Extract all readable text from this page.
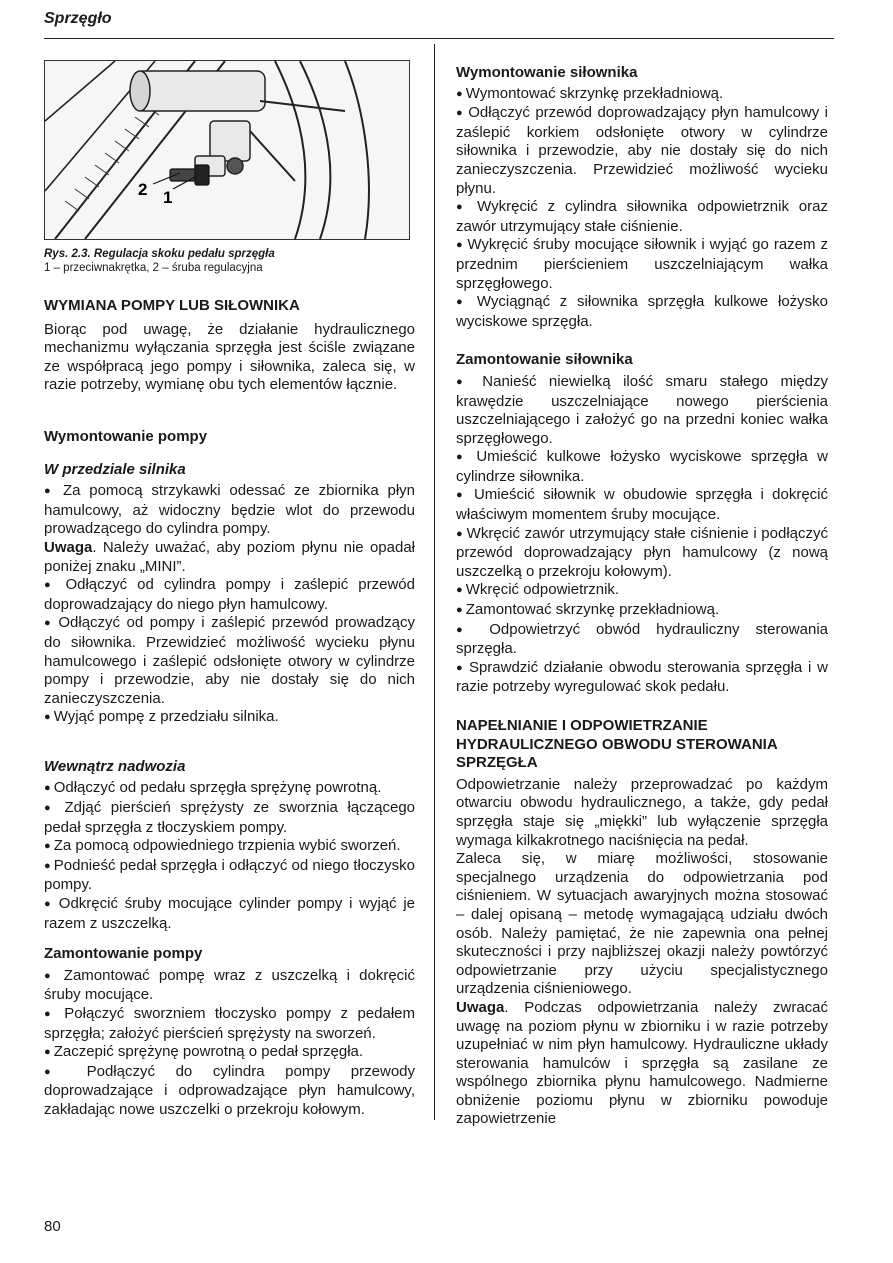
Sprzęgło
2 1
Rys. 2.3. Regulacja skoku pedału sprzęgła
1 – przeciwnakrętka, 2 – śruba regulacyjna
WYMIANA POMPY LUB SIŁOWNIKA

Biorąc pod uwagę, że działanie hydraulicznego mechanizmu wyłączania sprzęgła jest ściśle związane ze współpracą jego pompy i siłownika, zaleca się, w razie potrzeby, wymianę obu tych elementów łącznie.

Wymontowanie pompy
W przedziale silnika

● Za pomocą strzykawki odessać ze zbiornika płyn hamulcowy, aż widoczny będzie wlot do przewodu prowadzącego do cylindra pompy.

Uwaga. Należy uważać, aby poziom płynu nie opadał poniżej znaku „MINI”.

● Odłączyć od cylindra pompy i zaślepić przewód doprowadzający do niego płyn hamulcowy.

● Odłączyć od pompy i zaślepić przewód prowadzący do siłownika. Przewidzieć możliwość wycieku płynu hamulcowego i zaślepić odsłonięte otwory w cylindrze pompy i przewodzie, aby nie dostały się do nich zanieczyszczenia.

● Wyjąć pompę z przedziału silnika.

Wewnątrz nadwozia

● Odłączyć od pedału sprzęgła sprężynę powrotną.

● Zdjąć pierścień sprężysty ze sworznia łączącego pedał sprzęgła z tłoczyskiem pompy.

● Za pomocą odpowiedniego trzpienia wybić sworzeń.

● Podnieść pedał sprzęgła i odłączyć od niego tłoczysko pompy.

● Odkręcić śruby mocujące cylinder pompy i wyjąć je razem z uszczelką.

Zamontowanie pompy

● Zamontować pompę wraz z uszczelką i dokręcić śruby mocujące.

● Połączyć sworzniem tłoczysko pompy z pedałem sprzęgła; założyć pierścień sprężysty na sworzeń.

● Zaczepić sprężynę powrotną o pedał sprzęgła.

● Podłączyć do cylindra pompy przewody doprowadzające i odprowadzające płyn hamulcowy, zakładając nowe uszczelki o przekroju kołowym.

Wymontowanie siłownika

● Wymontować skrzynkę przekładniową.

● Odłączyć przewód doprowadzający płyn hamulcowy i zaślepić korkiem odsłonięte otwory w cylindrze siłownika i przewodzie, aby nie dostały się do nich zanieczyszczenia. Przewidzieć możliwość wycieku płynu.

● Wykręcić z cylindra siłownika odpowietrznik oraz zawór utrzymujący stałe ciśnienie.

● Wykręcić śruby mocujące siłownik i wyjąć go razem z przednim pierścieniem uszczelniającym wałka sprzęgłowego.

● Wyciągnąć z siłownika sprzęgła kulkowe łożysko wyciskowe sprzęgła.

Zamontowanie siłownika

● Nanieść niewielką ilość smaru stałego między krawędzie uszczelniające nowego pierścienia uszczelniającego i założyć go na przedni koniec wałka sprzęgłowego.

● Umieścić kulkowe łożysko wyciskowe sprzęgła w cylindrze siłownika.

● Umieścić siłownik w obudowie sprzęgła i dokręcić właściwym momentem śruby mocujące.

● Wkręcić zawór utrzymujący stałe ciśnienie i podłączyć przewód doprowadzający płyn hamulcowy (z nową uszczelką o przekroju kołowym).

● Wkręcić odpowietrznik.

● Zamontować skrzynkę przekładniową.

● Odpowietrzyć obwód hydrauliczny sterowania sprzęgła.

● Sprawdzić działanie obwodu sterowania sprzęgła i w razie potrzeby wyregulować skok pedału.

NAPEŁNIANIE I ODPOWIETRZANIE
HYDRAULICZNEGO OBWODU STEROWANIA
SPRZĘGŁA

Odpowietrzanie należy przeprowadzać po każdym otwarciu obwodu hydraulicznego, a także, gdy pedał sprzęgła staje się „miękki” lub wyłączenie sprzęgła wymaga kilkakrotnego naciśnięcia na pedał.

Zaleca się, w miarę możliwości, stosowanie specjalnego urządzenia do odpowietrzania pod ciśnieniem. W sytuacjach awaryjnych można stosować – dalej opisaną – metodę wymagającą udziału dwóch osób. Należy pamiętać, że nie zapewnia ona pełnej skuteczności i przy najbliższej okazji należy powtórzyć odpowietrzanie przy użyciu specjalistycznego urządzenia ciśnieniowego.

Uwaga. Podczas odpowietrzania należy zwracać uwagę na poziom płynu w zbiorniku i w razie potrzeby uzupełniać w nim płyn hamulcowy. Hydrauliczne układy sterowania hamulców i sprzęgła są zasilane ze wspólnego zbiornika płynu hamulcowego. Nadmierne obniżenie poziomu płynu w zbiorniku powoduje zapowietrzenie

80
